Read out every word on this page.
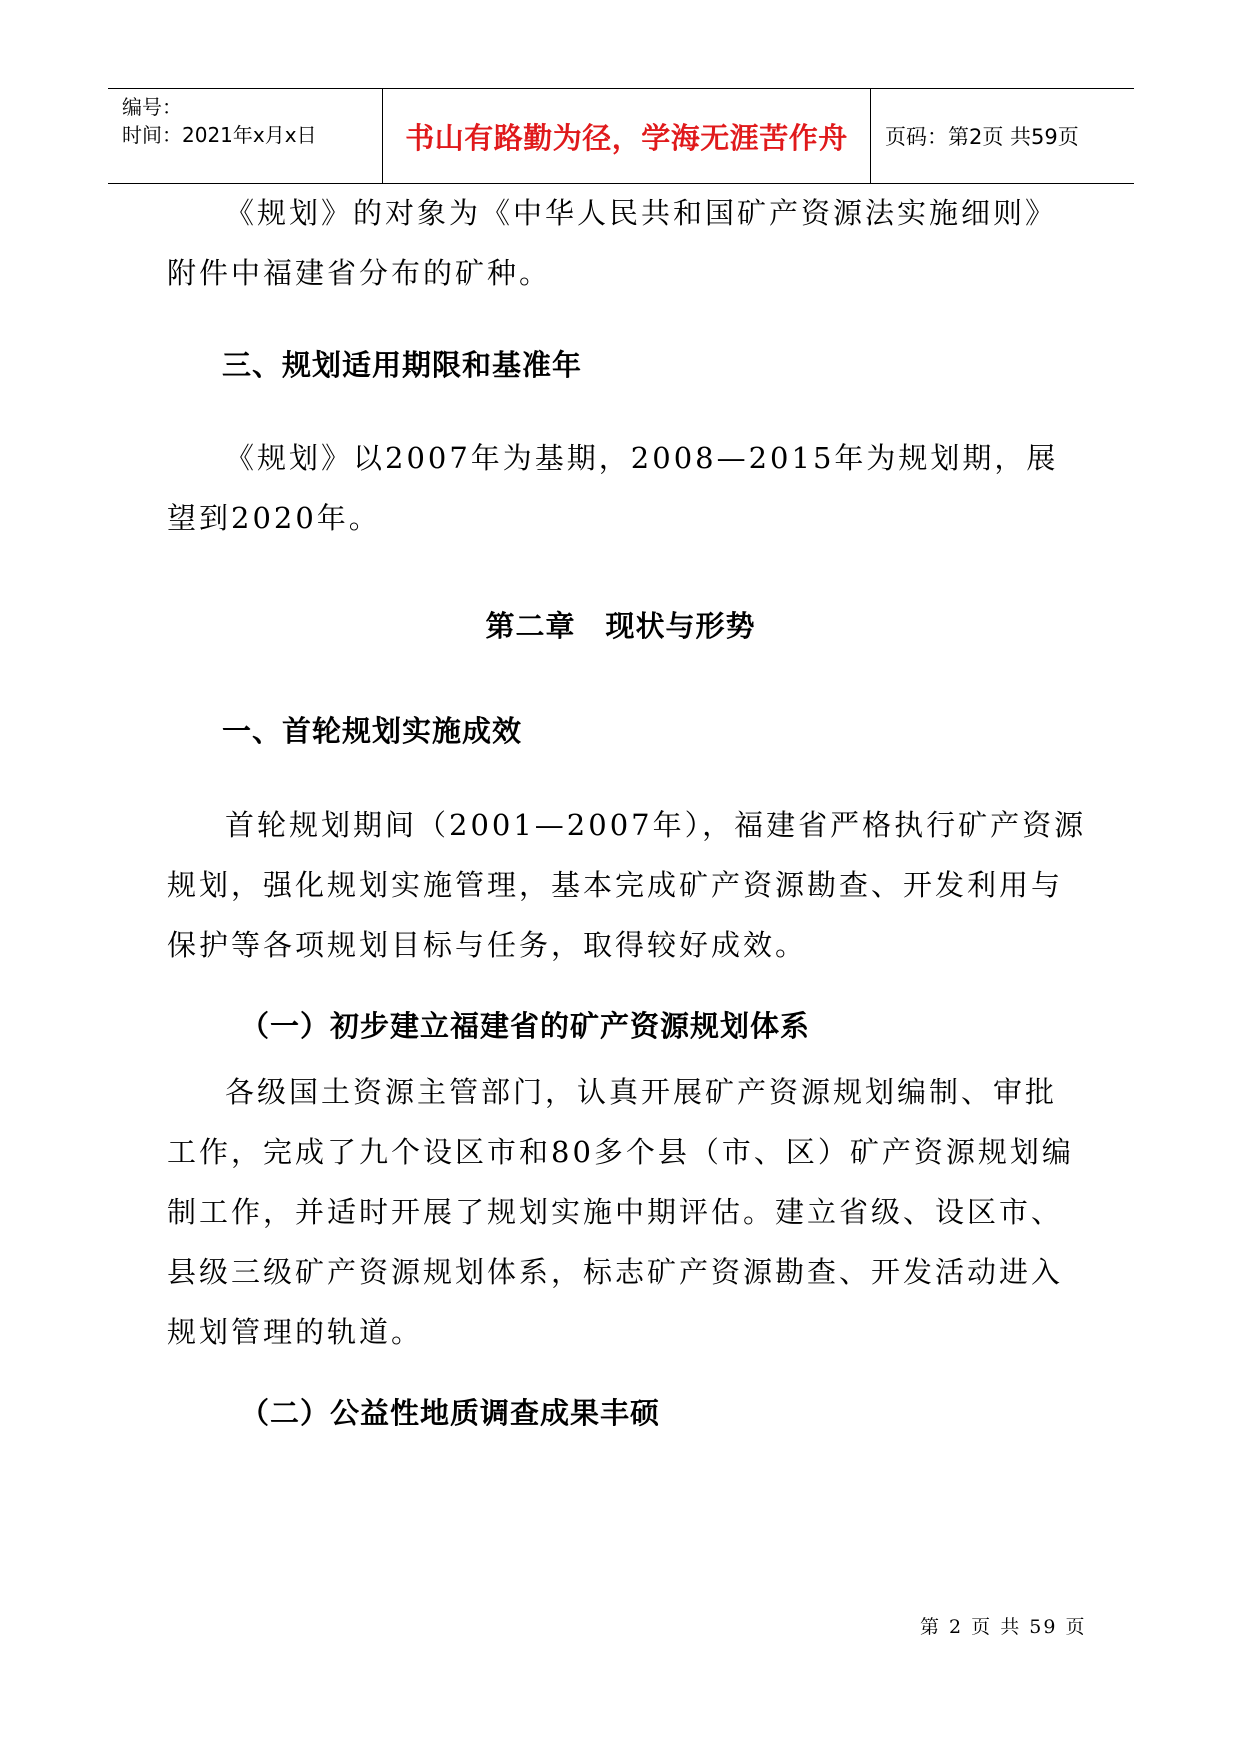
编号：
时间：2021年x月x日	书山有路勤为径，学海无涯苦作舟 页码：第2页 共59页

《规划》的对象为《中华人民共和国矿产资源法实施细则》附件中福建省分布的矿种。

三、规划适用期限和基准年

《规划》以2007年为基期，2008—2015年为规划期，展望到2020年。

第二章　现状与形势
一、首轮规划实施成效

首轮规划期间（2001—2007年），福建省严格执行矿产资源规划，强化规划实施管理，基本完成矿产资源勘查、开发利用与保护等各项规划目标与任务，取得较好成效。

（一）初步建立福建省的矿产资源规划体系

各级国土资源主管部门，认真开展矿产资源规划编制、审批工作，完成了九个设区市和80多个县（市、区）矿产资源规划编制工作，并适时开展了规划实施中期评估。建立省级、设区市、县级三级矿产资源规划体系，标志矿产资源勘查、开发活动进入规划管理的轨道。

（二）公益性地质调查成果丰硕
第 2 页 共 59 页
